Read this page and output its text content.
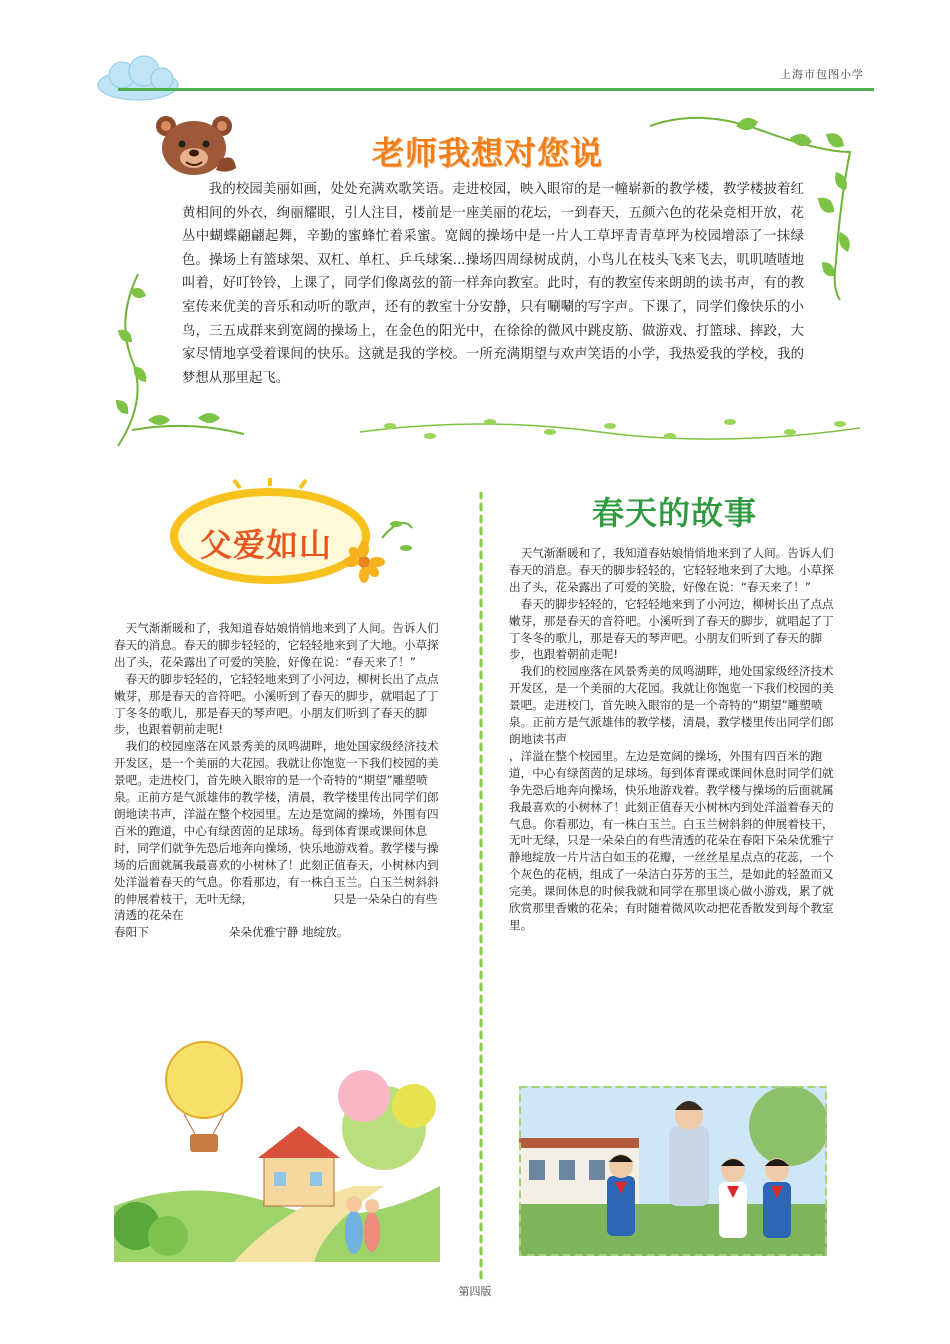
上海市包图小学
老师我想对您说

我的校园美丽如画，处处充满欢歌笑语。走进校园，映入眼帘的是一幢崭新的教学楼，教学楼披着红黄相间的外衣，绚丽耀眼，引人注目，楼前是一座美丽的花坛，一到春天，五颜六色的花朵竞相开放，花丛中蝴蝶翩翩起舞，辛勤的蜜蜂忙着采蜜。宽阔的操场中是一片人工草坪青青草坪为校园增添了一抹绿色。操场上有篮球架、双杠、单杠、乒乓球案...操场四周绿树成荫，小鸟儿在枝头飞来飞去，叽叽喳喳地叫着，好叮铃铃，上课了，同学们像离弦的箭一样奔向教室。此时，有的教室传来朗朗的读书声，有的教室传来优美的音乐和动听的歌声，还有的教室十分安静，只有唰唰的写字声。下课了，同学们像快乐的小鸟，三五成群来到宽阔的操场上，在金色的阳光中，在徐徐的微风中跳皮筋、做游戏、打篮球、摔跤，大家尽情地享受着课间的快乐。这就是我的学校。一所充满期望与欢声笑语的小学，我热爱我的学校，我的梦想从那里起飞。

父爱如山

天气渐渐暖和了，我知道春姑娘悄悄地来到了人间。告诉人们春天的消息。春天的脚步轻轻的，它轻轻地来到了大地。小草探出了头，花朵露出了可爱的笑脸，好像在说：“春天来了！”

春天的脚步轻轻的，它轻轻地来到了小河边，柳树长出了点点嫩芽，那是春天的音符吧。小溪听到了春天的脚步，就唱起了丁丁冬冬的歌儿，那是春天的琴声吧。小朋友们听到了春天的脚步，也跟着朝前走呢!

我们的校园座落在风景秀美的凤鸣湖畔，地处国家级经济技术开发区，是一个美丽的大花园。我就让你饱览一下我们校园的美景吧。走进校门，首先映入眼帘的是一个奇特的“期望”雕塑喷泉。正前方是气派雄伟的教学楼，清晨，教学楼里传出同学们郎朗地读书声，洋溢在整个校园里。左边是宽阔的操场，外围有四百米的跑道，中心有绿茵茵的足球场。每到体育课或课间休息时，同学们就争先恐后地奔向操场，快乐地游戏着。教学楼与操场的后面就属我最喜欢的小树林了！此刻正值春天，小树林内到处洋溢着春天的气息。你看那边，有一株白玉兰。白玉兰树斜斜的伸展着枝干，无叶无绿，	只是一朵朵白的有些清透的花朵在

春阳下	朵朵优雅宁静 地绽放。

春天的故事

天气渐渐暖和了，我知道春姑娘悄悄地来到了人间。告诉人们春天的消息。春天的脚步轻轻的，它轻轻地来到了大地。小草探出了头，花朵露出了可爱的笑脸，好像在说：“春天来了！”

春天的脚步轻轻的，它轻轻地来到了小河边，柳树长出了点点嫩芽，那是春天的音符吧。小溪听到了春天的脚步，就唱起了丁丁冬冬的歌儿，那是春天的琴声吧。小朋友们听到了春天的脚步，也跟着朝前走呢!

我们的校园座落在风景秀美的凤鸣湖畔，地处国家级经济技术开发区，是一个美丽的大花园。我就让你饱览一下我们校园的美景吧。走进校门，首先映入眼帘的是一个奇特的“期望”雕塑喷泉。正前方是气派雄伟的教学楼，清晨，教学楼里传出同学们郎朗地读书声

，洋溢在整个校园里。左边是宽阔的操场，外围有四百米的跑道，中心有绿茵茵的足球场。每到体育课或课间休息时同学们就争先恐后地奔向操场，快乐地游戏着。教学楼与操场的后面就属我最喜欢的小树林了！此刻正值春天小树林内到处洋溢着春天的气息。你看那边，有一株白玉兰。白玉兰树斜斜的伸展着枝干，无叶无绿，只是一朵朵白的有些清透的花朵在春阳下朵朵优雅宁静地绽放一片片洁白如玉的花瓣，一丝丝星星点点的花蕊，一个个灰色的花柄，组成了一朵洁白芬芳的玉兰，是如此的轻盈而又完美。课间休息的时候我就和同学在那里谈心做小游戏，累了就欣赏那里香嫩的花朵；有时随着微风吹动把花香散发到每个教室里。

第四版
